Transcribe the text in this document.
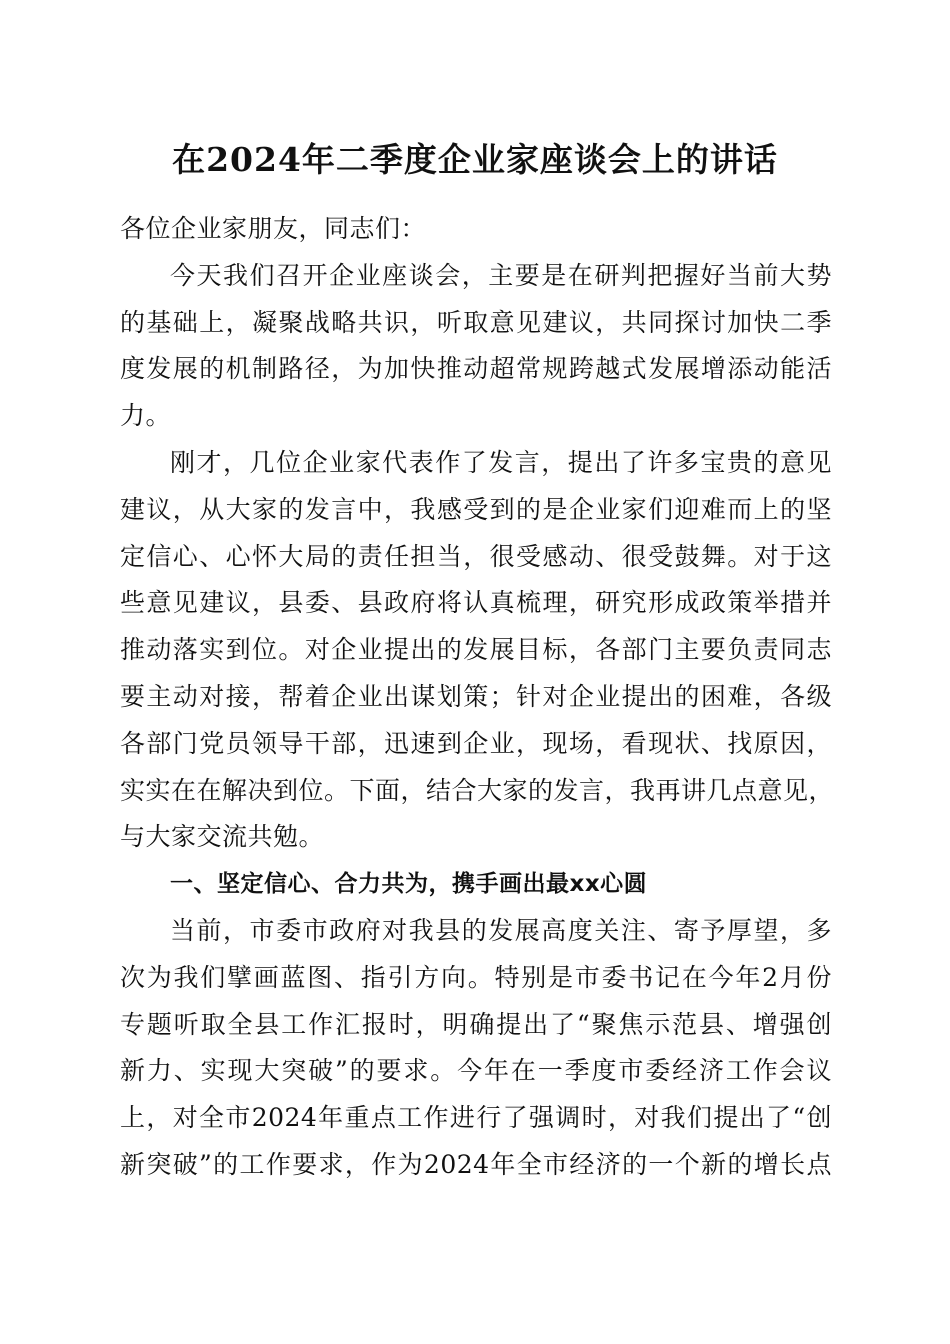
在2024年二季度企业家座谈会上的讲话
各位企业家朋友，同志们：
今天我们召开企业座谈会，主要是在研判把握好当前大势
的基础上，凝聚战略共识，听取意见建议，共同探讨加快二季
度发展的机制路径，为加快推动超常规跨越式发展增添动能活
力。
刚才，几位企业家代表作了发言，提出了许多宝贵的意见
建议，从大家的发言中，我感受到的是企业家们迎难而上的坚
定信心、心怀大局的责任担当，很受感动、很受鼓舞。对于这
些意见建议，县委、县政府将认真梳理，研究形成政策举措并
推动落实到位。对企业提出的发展目标，各部门主要负责同志
要主动对接，帮着企业出谋划策；针对企业提出的困难，各级
各部门党员领导干部，迅速到企业，现场，看现状、找原因，
实实在在解决到位。下面，结合大家的发言，我再讲几点意见，
与大家交流共勉。
一、坚定信心、合力共为，携手画出最xx心圆
当前，市委市政府对我县的发展高度关注、寄予厚望，多
次为我们擘画蓝图、指引方向。特别是市委书记在今年2月份
专题听取全县工作汇报时，明确提出了“聚焦示范县、增强创
新力、实现大突破”的要求。今年在一季度市委经济工作会议
上，对全市2024年重点工作进行了强调时，对我们提出了“创
新突破”的工作要求，作为2024年全市经济的一个新的增长点
